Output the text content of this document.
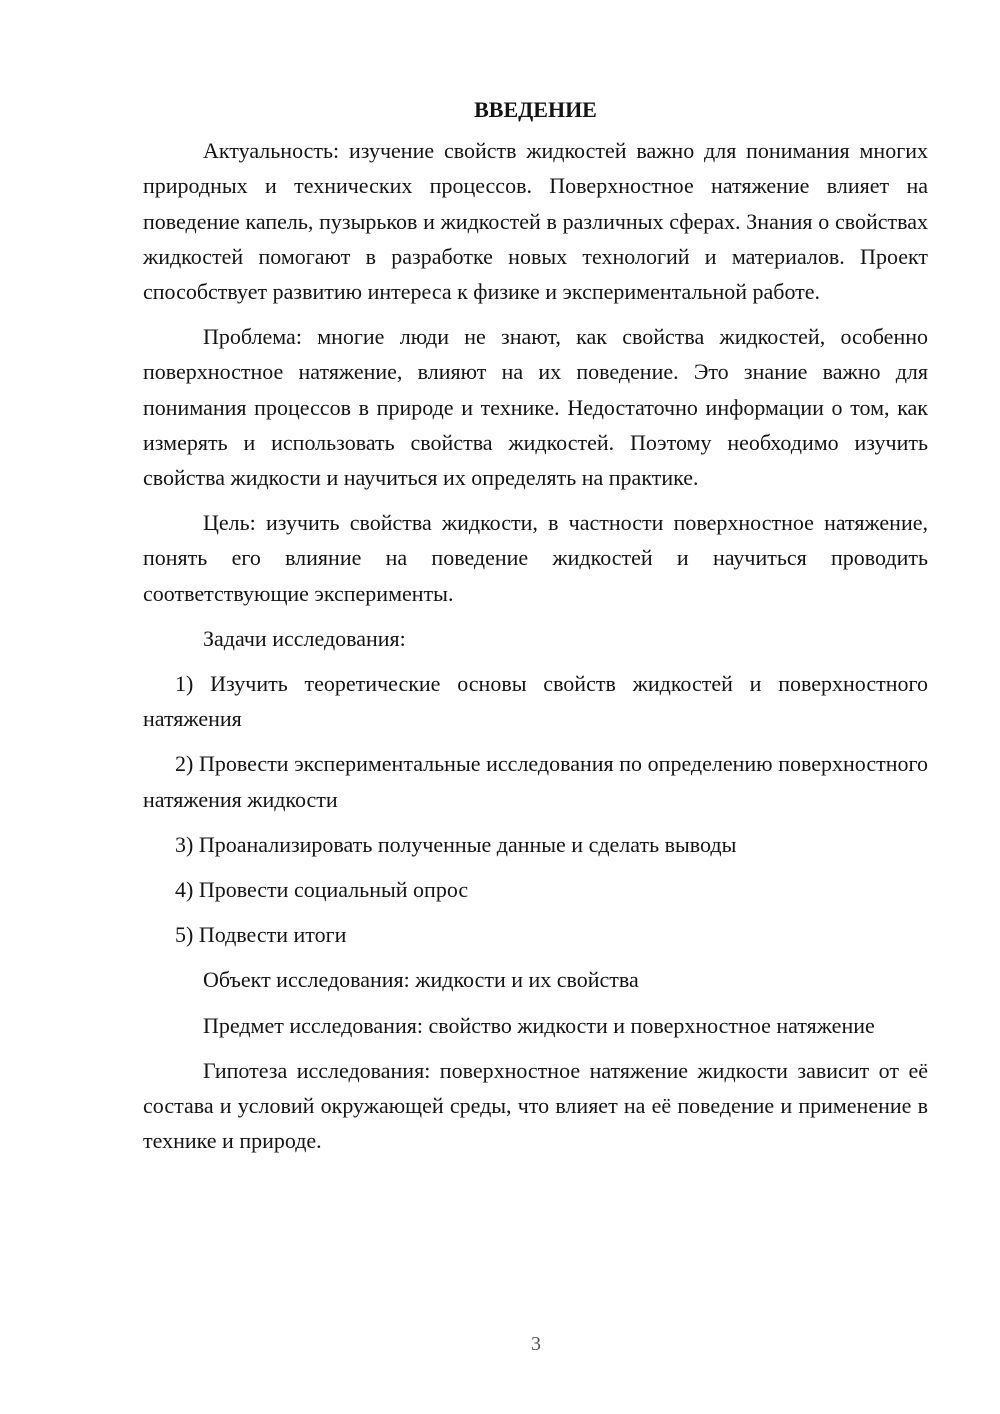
ВВЕДЕНИЕ

Актуальность: изучение свойств жидкостей важно для понимания многих природных и технических процессов. Поверхностное натяжение влияет на поведение капель, пузырьков и жидкостей в различных сферах. Знания о свойствах жидкостей помогают в разработке новых технологий и материалов. Проект способствует развитию интереса к физике и экспериментальной работе.

Проблема: многие люди не знают, как свойства жидкостей, особенно поверхностное натяжение, влияют на их поведение. Это знание важно для понимания процессов в природе и технике. Недостаточно информации о том, как измерять и использовать свойства жидкостей. Поэтому необходимо изучить свойства жидкости и научиться их определять на практике.

Цель: изучить свойства жидкости, в частности поверхностное натяжение, понять его влияние на поведение жидкостей и научиться проводить соответствующие эксперименты.

Задачи исследования:

1) Изучить теоретические основы свойств жидкостей и поверхностного натяжения

2) Провести экспериментальные исследования по определению поверхностного натяжения жидкости

3) Проанализировать полученные данные и сделать выводы

4) Провести социальный опрос

5) Подвести итоги

Объект исследования: жидкости и их свойства

Предмет исследования: свойство жидкости и поверхностное натяжение

Гипотеза исследования: поверхностное натяжение жидкости зависит от её состава и условий окружающей среды, что влияет на её поведение и применение в технике и природе.

3
